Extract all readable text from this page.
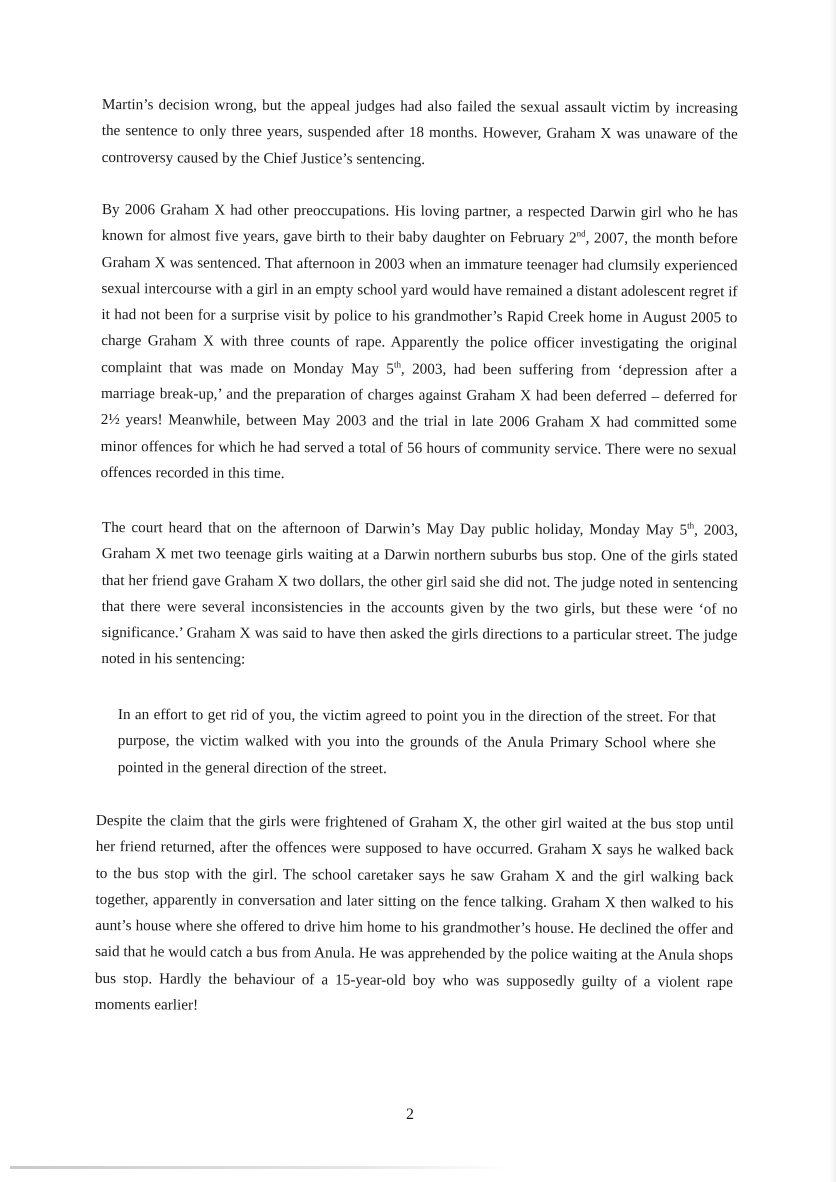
Martin’s decision wrong, but the appeal judges had also failed the sexual assault victim by increasing the sentence to only three years, suspended after 18 months. However, Graham X was unaware of the controversy caused by the Chief Justice’s sentencing.

By 2006 Graham X had other preoccupations. His loving partner, a respected Darwin girl who he has known for almost five years, gave birth to their baby daughter on February 2nd, 2007, the month before Graham X was sentenced. That afternoon in 2003 when an immature teenager had clumsily experienced sexual intercourse with a girl in an empty school yard would have remained a distant adolescent regret if it had not been for a surprise visit by police to his grandmother’s Rapid Creek home in August 2005 to charge Graham X with three counts of rape. Apparently the police officer investigating the original complaint that was made on Monday May 5th, 2003, had been suffering from ‘depression after a marriage break-up,’ and the preparation of charges against Graham X had been deferred – deferred for 2½ years! Meanwhile, between May 2003 and the trial in late 2006 Graham X had committed some minor offences for which he had served a total of 56 hours of community service. There were no sexual offences recorded in this time.

The court heard that on the afternoon of Darwin’s May Day public holiday, Monday May 5th, 2003, Graham X met two teenage girls waiting at a Darwin northern suburbs bus stop. One of the girls stated that her friend gave Graham X two dollars, the other girl said she did not. The judge noted in sentencing that there were several inconsistencies in the accounts given by the two girls, but these were ‘of no significance.’ Graham X was said to have then asked the girls directions to a particular street. The judge noted in his sentencing:

In an effort to get rid of you, the victim agreed to point you in the direction of the street. For that purpose, the victim walked with you into the grounds of the Anula Primary School where she pointed in the general direction of the street.

Despite the claim that the girls were frightened of Graham X, the other girl waited at the bus stop until her friend returned, after the offences were supposed to have occurred. Graham X says he walked back to the bus stop with the girl. The school caretaker says he saw Graham X and the girl walking back together, apparently in conversation and later sitting on the fence talking. Graham X then walked to his aunt’s house where she offered to drive him home to his grandmother’s house. He declined the offer and said that he would catch a bus from Anula. He was apprehended by the police waiting at the Anula shops bus stop. Hardly the behaviour of a 15-year-old boy who was supposedly guilty of a violent rape moments earlier!

2
